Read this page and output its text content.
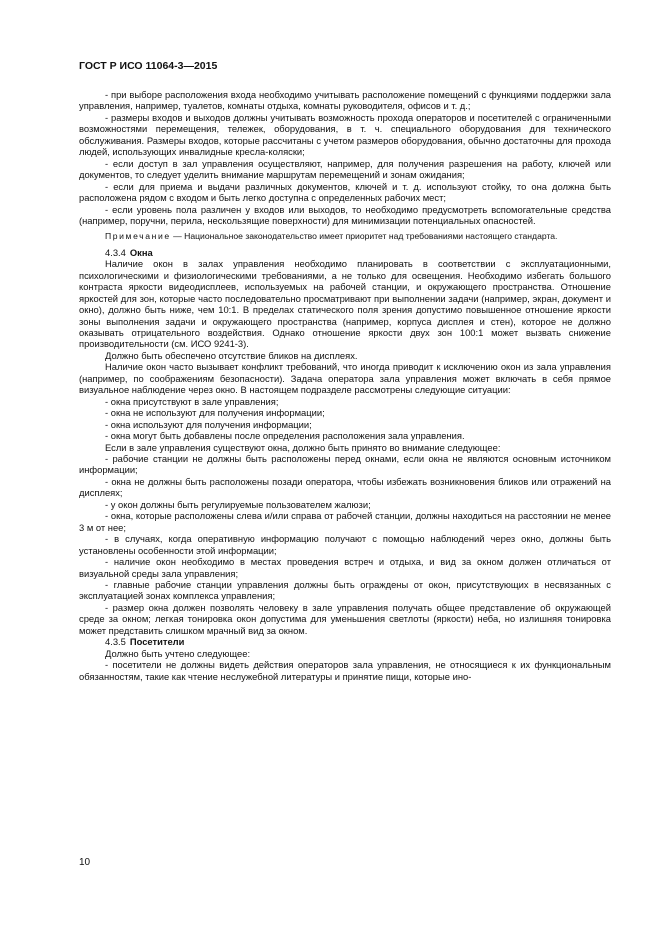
ГОСТ Р ИСО 11064-3—2015

- при выборе расположения входа необходимо учитывать расположение помещений с функциями поддержки зала управления, например, туалетов, комнаты отдыха, комнаты руководителя, офисов и т. д.;

- размеры входов и выходов должны учитывать возможность прохода операторов и посетителей с ограниченными возможностями перемещения, тележек, оборудования, в т. ч. специального оборудования для технического обслуживания. Размеры входов, которые рассчитаны с учетом размеров оборудования, обычно достаточны для прохода людей, использующих инвалидные кресла-коляски;

- если доступ в зал управления осуществляют, например, для получения разрешения на работу, ключей или документов, то следует уделить внимание маршрутам перемещений и зонам ожидания;

- если для приема и выдачи различных документов, ключей и т. д. используют стойку, то она должна быть расположена рядом с входом и быть легко доступна с определенных рабочих мест;

- если уровень пола различен у входов или выходов, то необходимо предусмотреть вспомогательные средства (например, поручни, перила, нескользящие поверхности) для минимизации потенциальных опасностей.

Примечание — Национальное законодательство имеет приоритет над требованиями настоящего стандарта.

4.3.4 Окна

Наличие окон в залах управления необходимо планировать в соответствии с эксплуатационными, психологическими и физиологическими требованиями, а не только для освещения. Необходимо избегать большого контраста яркости видеодисплеев, используемых на рабочей станции, и окружающего пространства. Отношение яркостей для зон, которые часто последовательно просматривают при выполнении задачи (например, экран, документ и окно), должно быть ниже, чем 10:1. В пределах статического поля зрения допустимо повышенное отношение яркости зоны выполнения задачи и окружающего пространства (например, корпуса дисплея и стен), которое не должно оказывать отрицательного воздействия. Однако отношение яркости двух зон 100:1 может вызвать снижение производительности (см. ИСО 9241-3).

Должно быть обеспечено отсутствие бликов на дисплеях.

Наличие окон часто вызывает конфликт требований, что иногда приводит к исключению окон из зала управления (например, по соображениям безопасности). Задача оператора зала управления может включать в себя прямое визуальное наблюдение через окно. В настоящем подразделе рассмотрены следующие ситуации:

- окна присутствуют в зале управления;

- окна не используют для получения информации;

- окна используют для получения информации;

- окна могут быть добавлены после определения расположения зала управления.

Если в зале управления существуют окна, должно быть принято во внимание следующее:

- рабочие станции не должны быть расположены перед окнами, если окна не являются основным источником информации;

- окна не должны быть расположены позади оператора, чтобы избежать возникновения бликов или отражений на дисплеях;

- у окон должны быть регулируемые пользователем жалюзи;

- окна, которые расположены слева и/или справа от рабочей станции, должны находиться на расстоянии не менее 3 м от нее;

- в случаях, когда оперативную информацию получают с помощью наблюдений через окно, должны быть установлены особенности этой информации;

- наличие окон необходимо в местах проведения встреч и отдыха, и вид за окном должен отличаться от визуальной среды зала управления;

- главные рабочие станции управления должны быть ограждены от окон, присутствующих в несвязанных с эксплуатацией зонах комплекса управления;

- размер окна должен позволять человеку в зале управления получать общее представление об окружающей среде за окном; легкая тонировка окон допустима для уменьшения светлоты (яркости) неба, но излишняя тонировка может представить слишком мрачный вид за окном.

4.3.5 Посетители

Должно быть учтено следующее:

- посетители не должны видеть действия операторов зала управления, не относящиеся к их функциональным обязанностям, такие как чтение неслужебной литературы и принятие пищи, которые ино-

10
